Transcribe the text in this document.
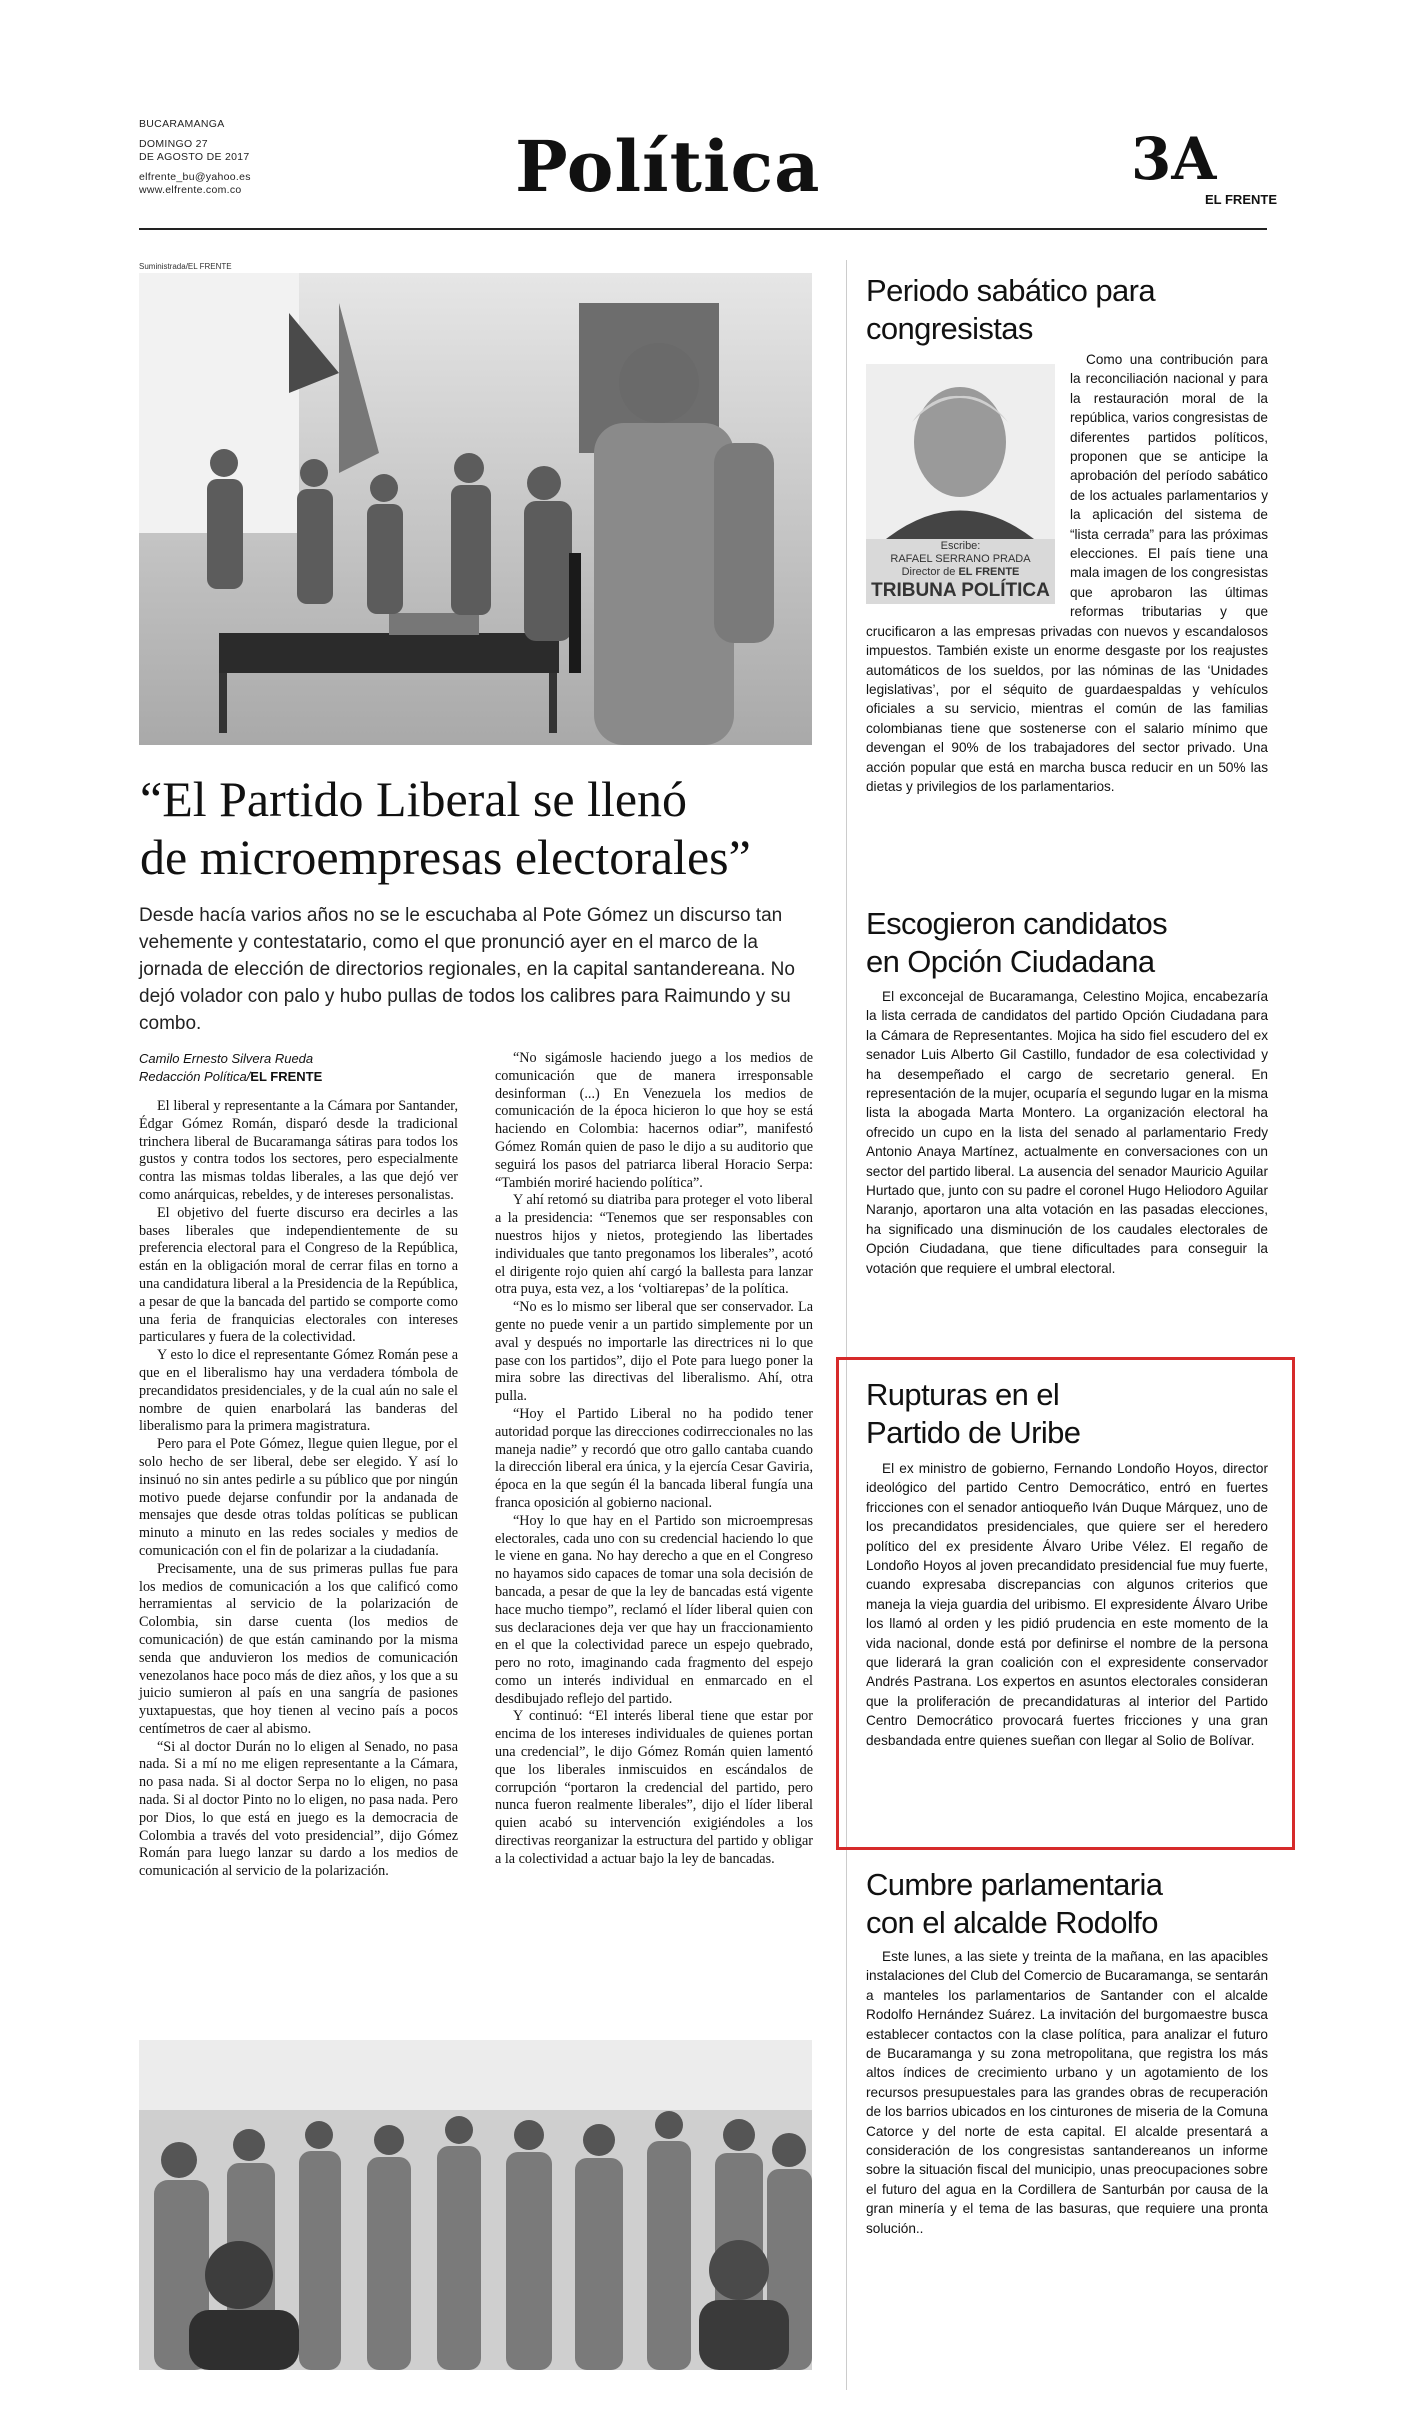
BUCARAMANGA
DOMINGO 27
DE AGOSTO DE 2017
elfrente_bu@yahoo.es
www.elfrente.com.co	Política	3A
EL FRENTE
Suministrada/EL FRENTE
“El Partido Liberal se llenó
de microempresas electorales”
Desde hacía varios años no se le escuchaba al Pote Gómez un discurso tan vehemente y contestatario, como el que pronunció ayer en el marco de la jornada de elección de directorios regionales, en la capital santandereana. No dejó volador con palo y hubo pullas de todos los calibres para Raimundo y su combo.
Camilo Ernesto Silvera Rueda
Redacción Política/EL FRENTE

El liberal y representante a la Cámara por Santander, Édgar Gómez Román, disparó desde la tradicional trinchera liberal de Bucaramanga sátiras para todos los gustos y contra todos los sectores, pero especialmente contra las mismas toldas liberales, a las que dejó ver como anárquicas, rebeldes, y de intereses personalistas.

El objetivo del fuerte discurso era decirles a las bases liberales que independientemente de su preferencia electoral para el Congreso de la República, están en la obligación moral de cerrar filas en torno a una candidatura liberal a la Presidencia de la República, a pesar de que la bancada del partido se comporte como una feria de franquicias electorales con intereses particulares y fuera de la colectividad.

Y esto lo dice el representante Gómez Román pese a que en el liberalismo hay una verdadera tómbola de precandidatos presidenciales, y de la cual aún no sale el nombre de quien enarbolará las banderas del liberalismo para la primera magistratura.

Pero para el Pote Gómez, llegue quien llegue, por el solo hecho de ser liberal, debe ser elegido. Y así lo insinuó no sin antes pedirle a su público que por ningún motivo puede dejarse confundir por la andanada de mensajes que desde otras toldas políticas se publican minuto a minuto en las redes sociales y medios de comunicación con el fin de polarizar a la ciudadanía.

Precisamente, una de sus primeras pullas fue para los medios de comunicación a los que calificó como herramientas al servicio de la polarización de Colombia, sin darse cuenta (los medios de comunicación) de que están caminando por la misma senda que anduvieron los medios de comunicación venezolanos hace poco más de diez años, y los que a su juicio sumieron al país en una sangría de pasiones yuxtapuestas, que hoy tienen al vecino país a pocos centímetros de caer al abismo.

“Si al doctor Durán no lo eligen al Senado, no pasa nada. Si a mí no me eligen representante a la Cámara, no pasa nada. Si al doctor Serpa no lo eligen, no pasa nada. Si al doctor Pinto no lo eligen, no pasa nada. Pero por Dios, lo que está en juego es la democracia de Colombia a través del voto presidencial”, dijo Gómez Román para luego lanzar su dardo a los medios de comunicación al servicio de la polarización.

“No sigámosle haciendo juego a los medios de comunicación que de manera irresponsable desinforman (...) En Venezuela los medios de comunicación de la época hicieron lo que hoy se está haciendo en Colombia: hacernos odiar”, manifestó Gómez Román quien de paso le dijo a su auditorio que seguirá los pasos del patriarca liberal Horacio Serpa: “También moriré haciendo política”.

Y ahí retomó su diatriba para proteger el voto liberal a la presidencia: “Tenemos que ser responsables con nuestros hijos y nietos, protegiendo las libertades individuales que tanto pregonamos los liberales”, acotó el dirigente rojo quien ahí cargó la ballesta para lanzar otra puya, esta vez, a los ‘voltiarepas’ de la política.

“No es lo mismo ser liberal que ser conservador. La gente no puede venir a un partido simplemente por un aval y después no importarle las directrices ni lo que pase con los partidos”, dijo el Pote para luego poner la mira sobre las directivas del liberalismo. Ahí, otra pulla.

“Hoy el Partido Liberal no ha podido tener autoridad porque las direcciones codirreccionales no las maneja nadie” y recordó que otro gallo cantaba cuando la dirección liberal era única, y la ejercía Cesar Gaviria, época en la que según él la bancada liberal fungía una franca oposición al gobierno nacional.

“Hoy lo que hay en el Partido son microempresas electorales, cada uno con su credencial haciendo lo que le viene en gana. No hay derecho a que en el Congreso no hayamos sido capaces de tomar una sola decisión de bancada, a pesar de que la ley de bancadas está vigente hace mucho tiempo”, reclamó el líder liberal quien con sus declaraciones deja ver que hay un fraccionamiento en el que la colectividad parece un espejo quebrado, pero no roto, imaginando cada fragmento del espejo como un interés individual en enmarcado en el desdibujado reflejo del partido.

Y continuó: “El interés liberal tiene que estar por encima de los intereses individuales de quienes portan una credencial”, le dijo Gómez Román quien lamentó que los liberales inmiscuidos en escándalos de corrupción “portaron la credencial del partido, pero nunca fueron realmente liberales”, dijo el líder liberal quien acabó su intervención exigiéndoles a los directivas reorganizar la estructura del partido y obligar a la colectividad a actuar bajo la ley de bancadas.

Periodo sabático para congresistas
Escribe:
RAFAEL SERRANO PRADA
Director de EL FRENTE
TRIBUNA POLÍTICA

Como una contribución para la reconciliación nacional y para la restauración moral de la república, varios congresistas de diferentes partidos políticos, proponen que se anticipe la aprobación del período sabático de los actuales parlamentarios y la aplicación del sistema de “lista cerrada” para las próximas elecciones. El país tiene una mala imagen de los congresistas que aprobaron las últimas reformas tributarias y que crucificaron a las empresas privadas con nuevos y escandalosos impuestos. También existe un enorme desgaste por los reajustes automáticos de los sueldos, por las nóminas de las ‘Unidades legislativas’, por el séquito de guardaespaldas y vehículos oficiales a su servicio, mientras el común de las familias colombianas tiene que sostenerse con el salario mínimo que devengan el 90% de los trabajadores del sector privado. Una acción popular que está en marcha busca reducir en un 50% las dietas y privilegios de los parlamentarios.

Escogieron candidatos
en Opción Ciudadana

El exconcejal de Bucaramanga, Celestino Mojica, encabezaría la lista cerrada de candidatos del partido Opción Ciudadana para la Cámara de Representantes. Mojica ha sido fiel escudero del ex senador Luis Alberto Gil Castillo, fundador de esa colectividad y ha desempeñado el cargo de secretario general. En representación de la mujer, ocuparía el segundo lugar en la misma lista la abogada Marta Montero. La organización electoral ha ofrecido un cupo en la lista del senado al parlamentario Fredy Antonio Anaya Martínez, actualmente en conversaciones con un sector del partido liberal. La ausencia del senador Mauricio Aguilar Hurtado que, junto con su padre el coronel Hugo Heliodoro Aguilar Naranjo, aportaron una alta votación en las pasadas elecciones, ha significado una disminución de los caudales electorales de Opción Ciudadana, que tiene dificultades para conseguir la votación que requiere el umbral electoral.

Rupturas en el
Partido de Uribe

El ex ministro de gobierno, Fernando Londoño Hoyos, director ideológico del partido Centro Democrático, entró en fuertes fricciones con el senador antioqueño Iván Duque Márquez, uno de los precandidatos presidenciales, que quiere ser el heredero político del ex presidente Álvaro Uribe Vélez. El regaño de Londoño Hoyos al joven precandidato presidencial fue muy fuerte, cuando expresaba discrepancias con algunos criterios que maneja la vieja guardia del uribismo. El expresidente Álvaro Uribe los llamó al orden y les pidió prudencia en este momento de la vida nacional, donde está por definirse el nombre de la persona que liderará la gran coalición con el expresidente conservador Andrés Pastrana. Los expertos en asuntos electorales consideran que la proliferación de precandidaturas al interior del Partido Centro Democrático provocará fuertes fricciones y una gran desbandada entre quienes sueñan con llegar al Solio de Bolívar.

Cumbre parlamentaria
con el alcalde Rodolfo

Este lunes, a las siete y treinta de la mañana, en las apacibles instalaciones del Club del Comercio de Bucaramanga, se sentarán a manteles los parlamentarios de Santander con el alcalde Rodolfo Hernández Suárez. La invitación del burgomaestre busca establecer contactos con la clase política, para analizar el futuro de Bucaramanga y su zona metropolitana, que registra los más altos índices de crecimiento urbano y un agotamiento de los recursos presupuestales para las grandes obras de recuperación de los barrios ubicados en los cinturones de miseria de la Comuna Catorce y del norte de esta capital. El alcalde presentará a consideración de los congresistas santandereanos un informe sobre la situación fiscal del municipio, unas preocupaciones sobre el futuro del agua en la Cordillera de Santurbán por causa de la gran minería y el tema de las basuras, que requiere una pronta solución..
